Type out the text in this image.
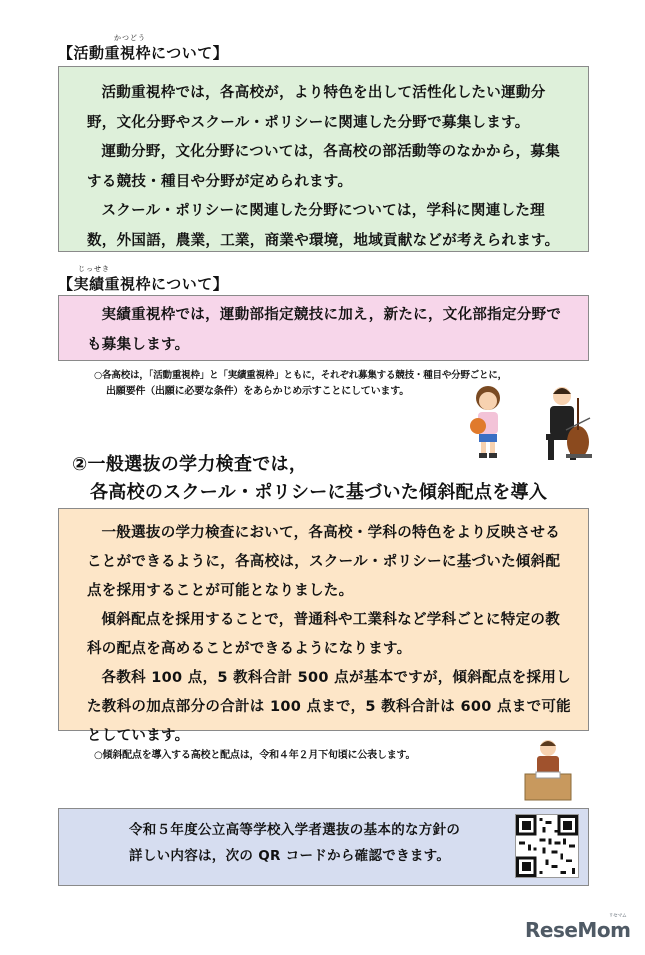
かつどう
【活動重視枠について】

活動重視枠では，各高校が，より特色を出して活性化したい運動分野，文化分野やスクール・ポリシーに関連した分野で募集します。

運動分野，文化分野については，各高校の部活動等のなかから，募集する競技・種目や分野が定められます。

スクール・ポリシーに関連した分野については，学科に関連した理数，外国語，農業，工業，商業や環境，地域貢献などが考えられます。

じっせき
【実績重視枠について】

実績重視枠では，運動部指定競技に加え，新たに，文化部指定分野でも募集します。

○各高校は，「活動重視枠」と「実績重視枠」ともに，それぞれ募集する競技・種目や分野ごとに，
出願要件（出願に必要な条件）をあらかじめ示すことにしています。
②一般選抜の学力検査では，
各高校のスクール・ポリシーに基づいた傾斜配点を導入

一般選抜の学力検査において，各高校・学科の特色をより反映させることができるように，各高校は，スクール・ポリシーに基づいた傾斜配点を採用することが可能となりました。

傾斜配点を採用することで，普通科や工業科など学科ごとに特定の教科の配点を高めることができるようになります。

各教科 100 点，5 教科合計 500 点が基本ですが，傾斜配点を採用した教科の加点部分の合計は 100 点まで，5 教科合計は 600 点まで可能としています。

○傾斜配点を導入する高校と配点は，令和４年２月下旬頃に公表します。

令和５年度公立高等学校入学者選抜の基本的な方針の

詳しい内容は，次の QR コードから確認できます。

リセマム
ReseMom
